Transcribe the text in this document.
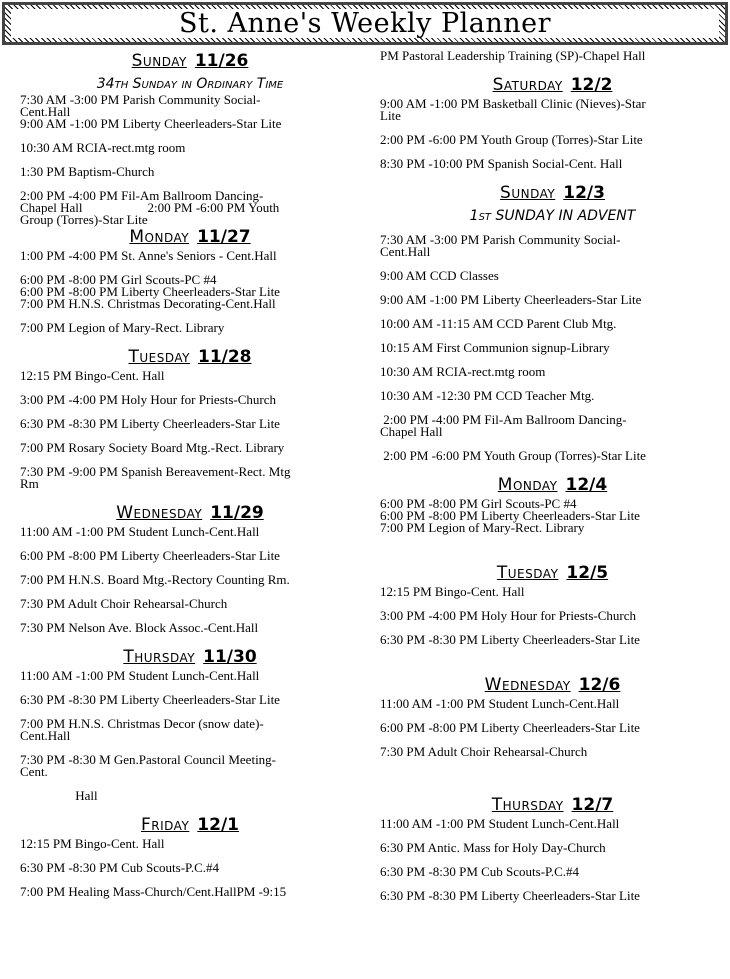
St. Anne's Weekly Planner
Sunday 11/26
34th Sunday in Ordinary Time
7:30 AM -3:00 PM Parish Community Social-
Cent.Hall
9:00 AM -1:00 PM Liberty Cheerleaders-Star Lite
10:30 AM RCIA-rect.mtg room
1:30 PM Baptism-Church
2:00 PM -4:00 PM Fil-Am Ballroom Dancing-
Chapel Hall                    2:00 PM -6:00 PM Youth
Group (Torres)-Star Lite
Monday 11/27
1:00 PM -4:00 PM St. Anne's Seniors - Cent.Hall
6:00 PM -8:00 PM Girl Scouts-PC #4
6:00 PM -8:00 PM Liberty Cheerleaders-Star Lite
7:00 PM H.N.S. Christmas Decorating-Cent.Hall
7:00 PM Legion of Mary-Rect. Library
Tuesday 11/28
12:15 PM Bingo-Cent. Hall
3:00 PM -4:00 PM Holy Hour for Priests-Church
6:30 PM -8:30 PM Liberty Cheerleaders-Star Lite
7:00 PM Rosary Society Board Mtg.-Rect. Library
7:30 PM -9:00 PM Spanish Bereavement-Rect. Mtg
Rm
Wednesday 11/29
11:00 AM -1:00 PM Student Lunch-Cent.Hall
6:00 PM -8:00 PM Liberty Cheerleaders-Star Lite
7:00 PM H.N.S. Board Mtg.-Rectory Counting Rm.
7:30 PM Adult Choir Rehearsal-Church
7:30 PM Nelson Ave. Block Assoc.-Cent.Hall
Thursday 11/30
11:00 AM -1:00 PM Student Lunch-Cent.Hall
6:30 PM -8:30 PM Liberty Cheerleaders-Star Lite
7:00 PM H.N.S. Christmas Decor (snow date)-
Cent.Hall
7:30 PM -8:30 M Gen.Pastoral Council Meeting-
Cent.
Hall
Friday 12/1
12:15 PM Bingo-Cent. Hall
6:30 PM -8:30 PM Cub Scouts-P.C.#4
7:00 PM Healing Mass-Church/Cent.HallPM -9:15
PM Pastoral Leadership Training (SP)-Chapel Hall
Saturday 12/2
9:00 AM -1:00 PM Basketball Clinic (Nieves)-Star
Lite
2:00 PM -6:00 PM Youth Group (Torres)-Star Lite
8:30 PM -10:00 PM Spanish Social-Cent. Hall
Sunday 12/3
1st SUNDAY IN ADVENT
7:30 AM -3:00 PM Parish Community Social-
Cent.Hall
9:00 AM CCD Classes
9:00 AM -1:00 PM Liberty Cheerleaders-Star Lite
10:00 AM -11:15 AM CCD Parent Club Mtg.
10:15 AM First Communion signup-Library
10:30 AM RCIA-rect.mtg room
10:30 AM -12:30 PM CCD Teacher Mtg.
2:00 PM -4:00 PM Fil-Am Ballroom Dancing-
Chapel Hall
2:00 PM -6:00 PM Youth Group (Torres)-Star Lite
Monday 12/4
6:00 PM -8:00 PM Girl Scouts-PC #4
6:00 PM -8:00 PM Liberty Cheerleaders-Star Lite
7:00 PM Legion of Mary-Rect. Library
Tuesday 12/5
12:15 PM Bingo-Cent. Hall
3:00 PM -4:00 PM Holy Hour for Priests-Church
6:30 PM -8:30 PM Liberty Cheerleaders-Star Lite
Wednesday 12/6
11:00 AM -1:00 PM Student Lunch-Cent.Hall
6:00 PM -8:00 PM Liberty Cheerleaders-Star Lite
7:30 PM Adult Choir Rehearsal-Church
Thursday 12/7
11:00 AM -1:00 PM Student Lunch-Cent.Hall
6:30 PM Antic. Mass for Holy Day-Church
6:30 PM -8:30 PM Cub Scouts-P.C.#4
6:30 PM -8:30 PM Liberty Cheerleaders-Star Lite
